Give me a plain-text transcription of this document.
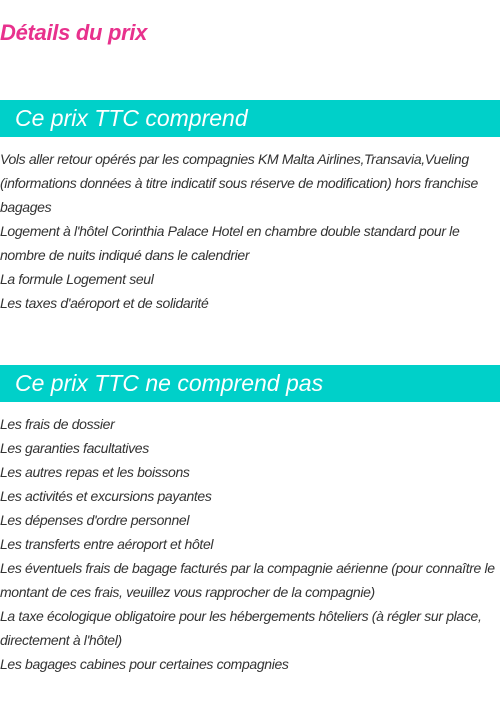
Détails du prix
Ce prix TTC comprend
Vols aller retour opérés par les compagnies KM Malta Airlines,Transavia,Vueling (informations données à titre indicatif sous réserve de modification) hors franchise bagages
Logement à l'hôtel Corinthia Palace Hotel en chambre double standard pour le nombre de nuits indiqué dans le calendrier
La formule Logement seul
Les taxes d'aéroport et de solidarité
Ce prix TTC ne comprend pas
Les frais de dossier
Les garanties facultatives
Les autres repas et les boissons
Les activités et excursions payantes
Les dépenses d'ordre personnel
Les transferts entre aéroport et hôtel
Les éventuels frais de bagage facturés par la compagnie aérienne (pour connaître le montant de ces frais, veuillez vous rapprocher de la compagnie)
La taxe écologique obligatoire pour les hébergements hôteliers (à régler sur place, directement à l'hôtel)
Les bagages cabines pour certaines compagnies
